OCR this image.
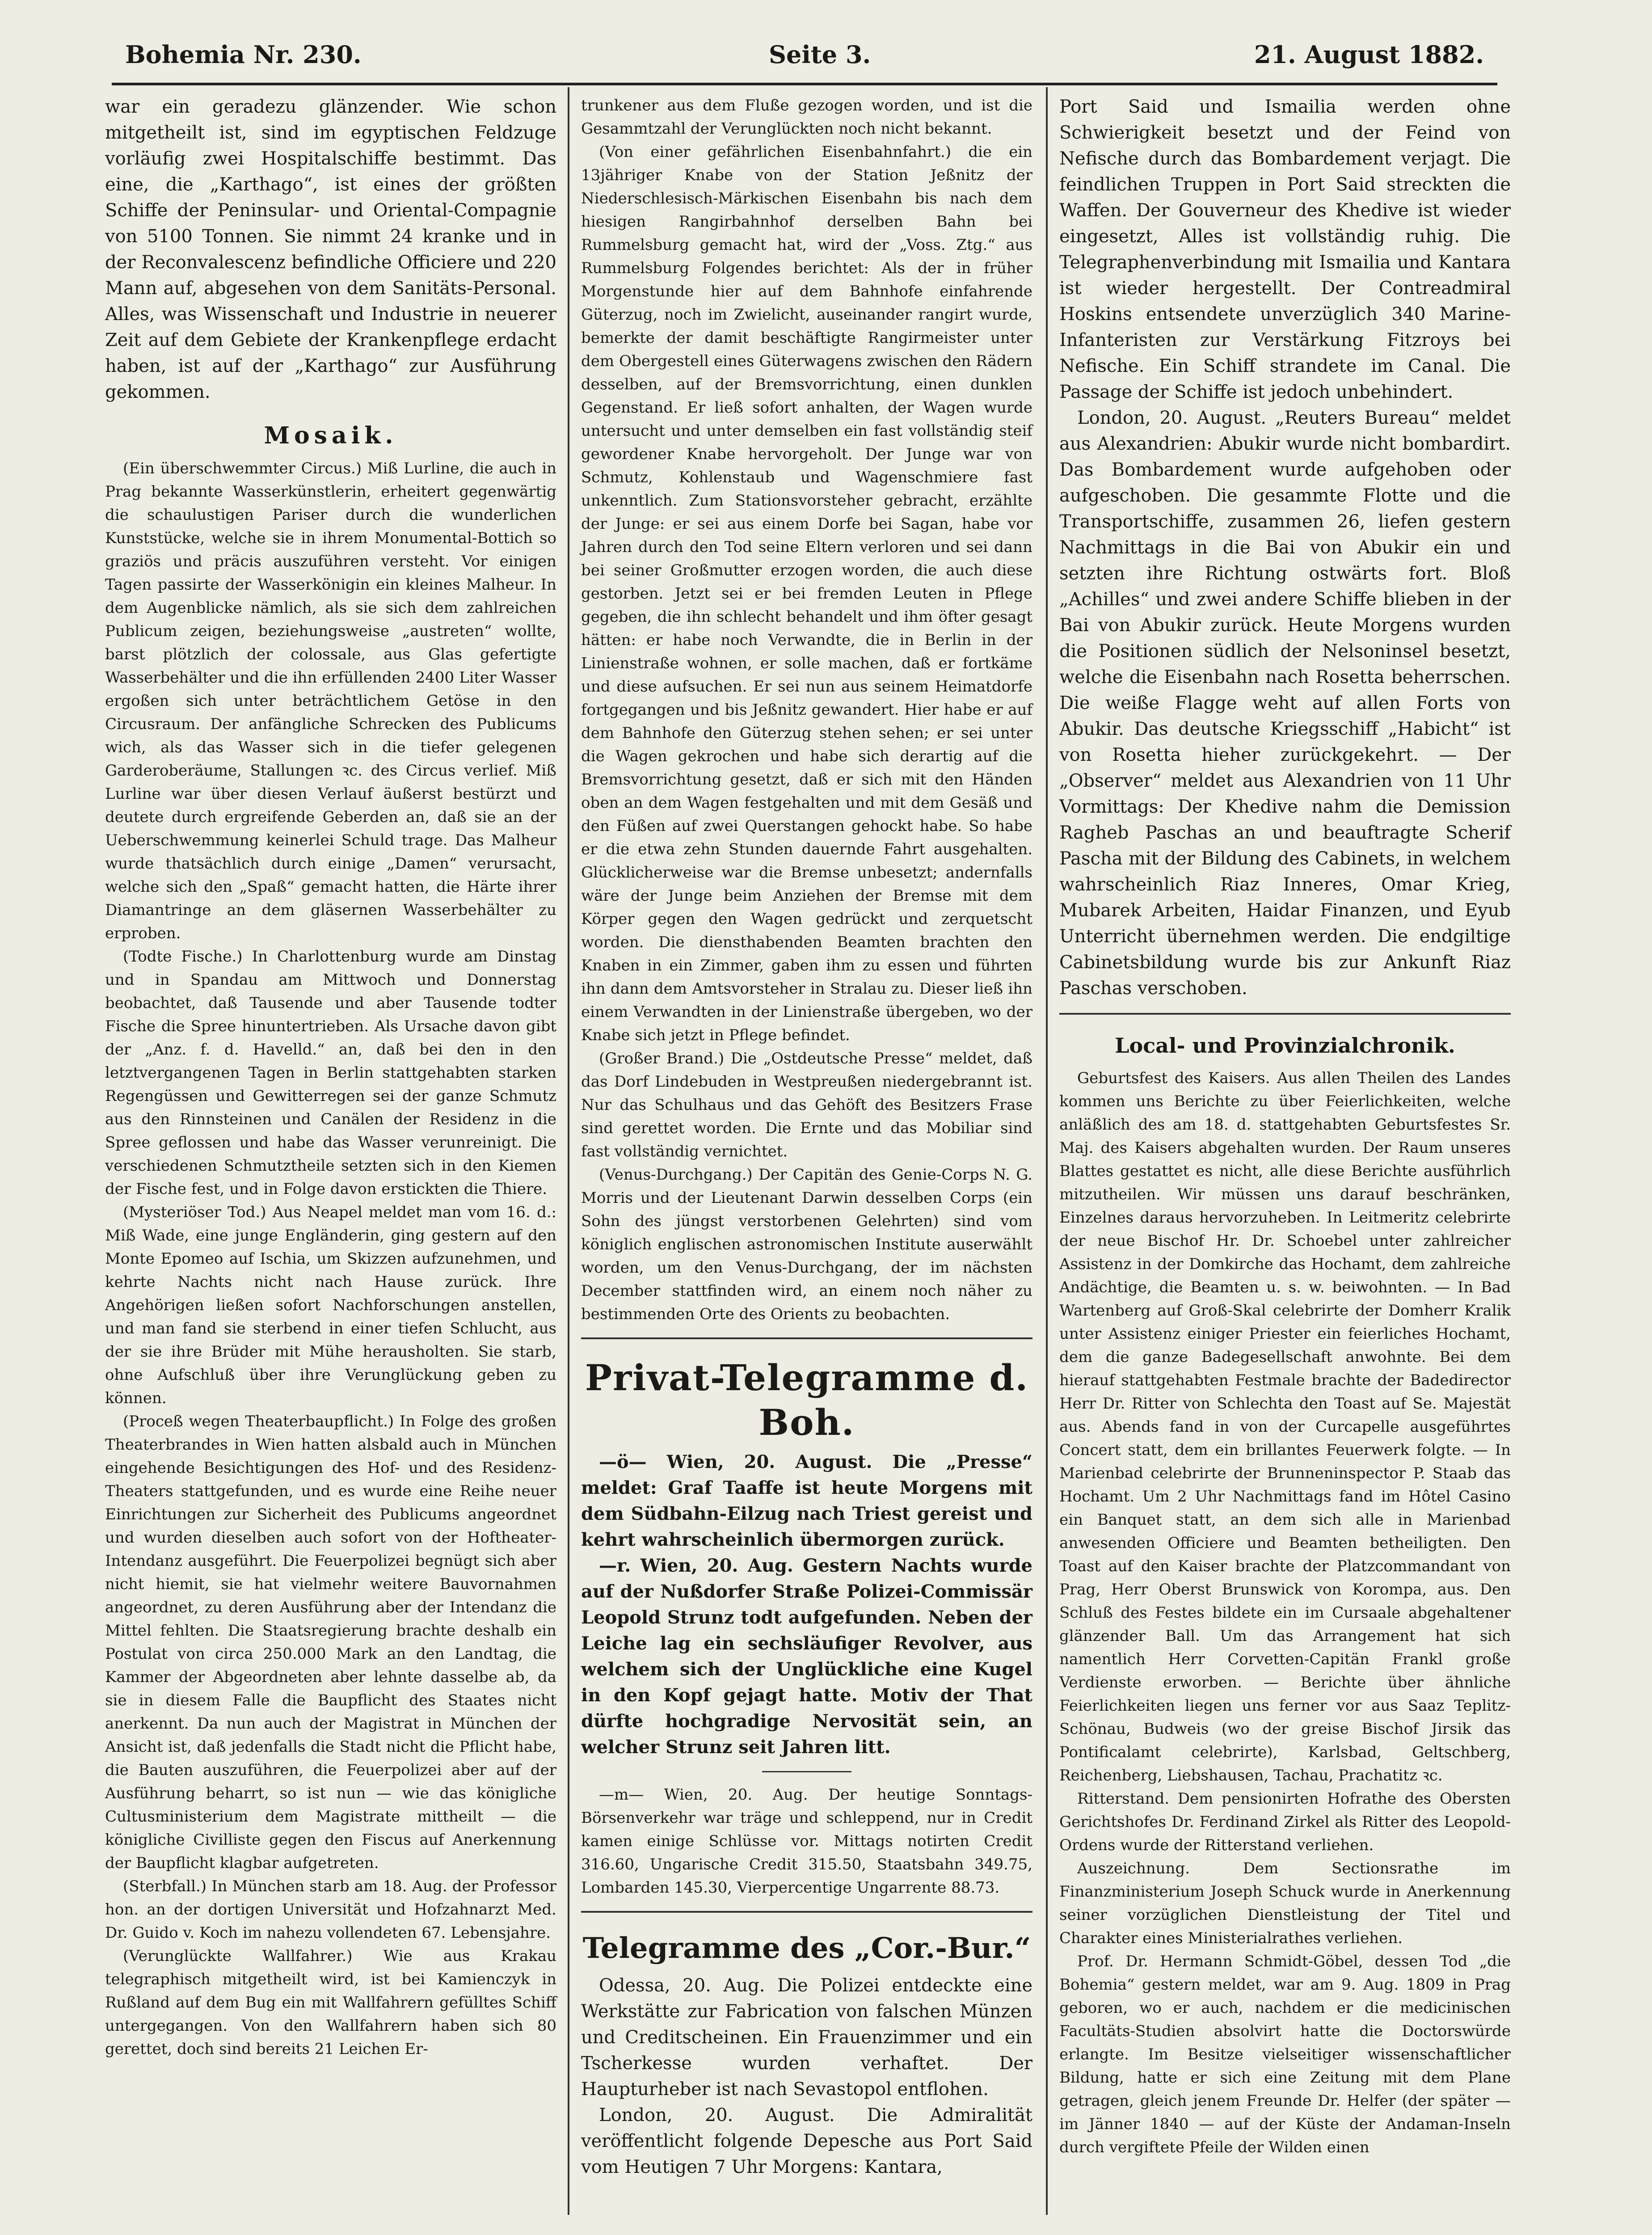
Bohemia Nr. 230.	Seite 3.	21. August 1882.

war ein geradezu glänzender. Wie schon mitgetheilt ist, sind im egyptischen Feldzuge vorläufig zwei Hospitalschiffe bestimmt. Das eine, die „Karthago“, ist eines der größten Schiffe der Peninsular- und Oriental-Compagnie von 5100 Tonnen. Sie nimmt 24 kranke und in der Reconvalescenz befindliche Officiere und 220 Mann auf, abgesehen von dem Sanitäts-Personal. Alles, was Wissenschaft und Industrie in neuerer Zeit auf dem Gebiete der Krankenpflege erdacht haben, ist auf der „Karthago“ zur Ausführung gekommen.

Mosaik.

(Ein überschwemmter Circus.) Miß Lurline, die auch in Prag bekannte Wasserkünstlerin, erheitert gegenwärtig die schaulustigen Pariser durch die wunderlichen Kunststücke, welche sie in ihrem Monumental-Bottich so graziös und präcis auszuführen versteht. Vor einigen Tagen passirte der Wasserkönigin ein kleines Malheur. In dem Augenblicke nämlich, als sie sich dem zahlreichen Publicum zeigen, beziehungsweise „austreten“ wollte, barst plötzlich der colossale, aus Glas gefertigte Wasserbehälter und die ihn erfüllenden 2400 Liter Wasser ergoßen sich unter beträchtlichem Getöse in den Circusraum. Der anfängliche Schrecken des Publicums wich, als das Wasser sich in die tiefer gelegenen Garderoberäume, Stallungen ꝛc. des Circus verlief. Miß Lurline war über diesen Verlauf äußerst bestürzt und deutete durch ergreifende Geberden an, daß sie an der Ueberschwemmung keinerlei Schuld trage. Das Malheur wurde thatsächlich durch einige „Damen“ verursacht, welche sich den „Spaß“ gemacht hatten, die Härte ihrer Diamantringe an dem gläsernen Wasserbehälter zu erproben.

(Todte Fische.) In Charlottenburg wurde am Dinstag und in Spandau am Mittwoch und Donnerstag beobachtet, daß Tausende und aber Tausende todter Fische die Spree hinuntertrieben. Als Ursache davon gibt der „Anz. f. d. Havelld.“ an, daß bei den in den letztvergangenen Tagen in Berlin stattgehabten starken Regengüssen und Gewitterregen sei der ganze Schmutz aus den Rinnsteinen und Canälen der Residenz in die Spree geflossen und habe das Wasser verunreinigt. Die verschiedenen Schmutztheile setzten sich in den Kiemen der Fische fest, und in Folge davon erstickten die Thiere.

(Mysteriöser Tod.) Aus Neapel meldet man vom 16. d.: Miß Wade, eine junge Engländerin, ging gestern auf den Monte Epomeo auf Ischia, um Skizzen aufzunehmen, und kehrte Nachts nicht nach Hause zurück. Ihre Angehörigen ließen sofort Nachforschungen anstellen, und man fand sie sterbend in einer tiefen Schlucht, aus der sie ihre Brüder mit Mühe herausholten. Sie starb, ohne Aufschluß über ihre Verunglückung geben zu können.

(Proceß wegen Theaterbaupflicht.) In Folge des großen Theaterbrandes in Wien hatten alsbald auch in München eingehende Besichtigungen des Hof- und des Residenz-Theaters stattgefunden, und es wurde eine Reihe neuer Einrichtungen zur Sicherheit des Publicums angeordnet und wurden dieselben auch sofort von der Hoftheater-Intendanz ausgeführt. Die Feuerpolizei begnügt sich aber nicht hiemit, sie hat vielmehr weitere Bauvornahmen angeordnet, zu deren Ausführung aber der Intendanz die Mittel fehlten. Die Staatsregierung brachte deshalb ein Postulat von circa 250.000 Mark an den Landtag, die Kammer der Abgeordneten aber lehnte dasselbe ab, da sie in diesem Falle die Baupflicht des Staates nicht anerkennt. Da nun auch der Magistrat in München der Ansicht ist, daß jedenfalls die Stadt nicht die Pflicht habe, die Bauten auszuführen, die Feuerpolizei aber auf der Ausführung beharrt, so ist nun — wie das königliche Cultusministerium dem Magistrate mittheilt — die königliche Civilliste gegen den Fiscus auf Anerkennung der Baupflicht klagbar aufgetreten.

(Sterbfall.) In München starb am 18. Aug. der Professor hon. an der dortigen Universität und Hofzahnarzt Med. Dr. Guido v. Koch im nahezu vollendeten 67. Lebensjahre.

(Verunglückte Wallfahrer.) Wie aus Krakau telegraphisch mitgetheilt wird, ist bei Kamienczyk in Rußland auf dem Bug ein mit Wallfahrern gefülltes Schiff untergegangen. Von den Wallfahrern haben sich 80 gerettet, doch sind bereits 21 Leichen Er-

trunkener aus dem Fluße gezogen worden, und ist die Gesammtzahl der Verunglückten noch nicht bekannt.

(Von einer gefährlichen Eisenbahnfahrt.) die ein 13jähriger Knabe von der Station Jeßnitz der Niederschlesisch-Märkischen Eisenbahn bis nach dem hiesigen Rangirbahnhof derselben Bahn bei Rummelsburg gemacht hat, wird der „Voss. Ztg.“ aus Rummelsburg Folgendes berichtet: Als der in früher Morgenstunde hier auf dem Bahnhofe einfahrende Güterzug, noch im Zwielicht, auseinander rangirt wurde, bemerkte der damit beschäftigte Rangirmeister unter dem Obergestell eines Güterwagens zwischen den Rädern desselben, auf der Bremsvorrichtung, einen dunklen Gegenstand. Er ließ sofort anhalten, der Wagen wurde untersucht und unter demselben ein fast vollständig steif gewordener Knabe hervorgeholt. Der Junge war von Schmutz, Kohlenstaub und Wagenschmiere fast unkenntlich. Zum Stationsvorsteher gebracht, erzählte der Junge: er sei aus einem Dorfe bei Sagan, habe vor Jahren durch den Tod seine Eltern verloren und sei dann bei seiner Großmutter erzogen worden, die auch diese gestorben. Jetzt sei er bei fremden Leuten in Pflege gegeben, die ihn schlecht behandelt und ihm öfter gesagt hätten: er habe noch Verwandte, die in Berlin in der Linienstraße wohnen, er solle machen, daß er fortkäme und diese aufsuchen. Er sei nun aus seinem Heimatdorfe fortgegangen und bis Jeßnitz gewandert. Hier habe er auf dem Bahnhofe den Güterzug stehen sehen; er sei unter die Wagen gekrochen und habe sich derartig auf die Bremsvorrichtung gesetzt, daß er sich mit den Händen oben an dem Wagen festgehalten und mit dem Gesäß und den Füßen auf zwei Querstangen gehockt habe. So habe er die etwa zehn Stunden dauernde Fahrt ausgehalten. Glücklicherweise war die Bremse unbesetzt; andernfalls wäre der Junge beim Anziehen der Bremse mit dem Körper gegen den Wagen gedrückt und zerquetscht worden. Die diensthabenden Beamten brachten den Knaben in ein Zimmer, gaben ihm zu essen und führten ihn dann dem Amtsvorsteher in Stralau zu. Dieser ließ ihn einem Verwandten in der Linienstraße übergeben, wo der Knabe sich jetzt in Pflege befindet.

(Großer Brand.) Die „Ostdeutsche Presse“ meldet, daß das Dorf Lindebuden in Westpreußen niedergebrannt ist. Nur das Schulhaus und das Gehöft des Besitzers Frase sind gerettet worden. Die Ernte und das Mobiliar sind fast vollständig vernichtet.

(Venus-Durchgang.) Der Capitän des Genie-Corps N. G. Morris und der Lieutenant Darwin desselben Corps (ein Sohn des jüngst verstorbenen Gelehrten) sind vom königlich englischen astronomischen Institute auserwählt worden, um den Venus-Durchgang, der im nächsten December stattfinden wird, an einem noch näher zu bestimmenden Orte des Orients zu beobachten.

Privat-Telegramme d. Boh.

—ö— Wien, 20. August. Die „Presse“ meldet: Graf Taaffe ist heute Morgens mit dem Südbahn-Eilzug nach Triest gereist und kehrt wahrscheinlich übermorgen zurück.

—r. Wien, 20. Aug. Gestern Nachts wurde auf der Nußdorfer Straße Polizei-Commissär Leopold Strunz todt aufgefunden. Neben der Leiche lag ein sechsläufiger Revolver, aus welchem sich der Unglückliche eine Kugel in den Kopf gejagt hatte. Motiv der That dürfte hochgradige Nervosität sein, an welcher Strunz seit Jahren litt.

—m— Wien, 20. Aug. Der heutige Sonntags-Börsenverkehr war träge und schleppend, nur in Credit kamen einige Schlüsse vor. Mittags notirten Credit 316.60, Ungarische Credit 315.50, Staatsbahn 349.75, Lombarden 145.30, Vierpercentige Ungarrente 88.73.

Telegramme des „Cor.-Bur.“

Odessa, 20. Aug. Die Polizei entdeckte eine Werkstätte zur Fabrication von falschen Münzen und Creditscheinen. Ein Frauenzimmer und ein Tscherkesse wurden verhaftet. Der Haupturheber ist nach Sevastopol entflohen.

London, 20. August. Die Admiralität veröffentlicht folgende Depesche aus Port Said vom Heutigen 7 Uhr Morgens: Kantara,

Port Said und Ismailia werden ohne Schwierigkeit besetzt und der Feind von Nefische durch das Bombardement verjagt. Die feindlichen Truppen in Port Said streckten die Waffen. Der Gouverneur des Khedive ist wieder eingesetzt, Alles ist vollständig ruhig. Die Telegraphenverbindung mit Ismailia und Kantara ist wieder hergestellt. Der Contreadmiral Hoskins entsendete unverzüglich 340 Marine-Infanteristen zur Verstärkung Fitzroys bei Nefische. Ein Schiff strandete im Canal. Die Passage der Schiffe ist jedoch unbehindert.

London, 20. August. „Reuters Bureau“ meldet aus Alexandrien: Abukir wurde nicht bombardirt. Das Bombardement wurde aufgehoben oder aufgeschoben. Die gesammte Flotte und die Transportschiffe, zusammen 26, liefen gestern Nachmittags in die Bai von Abukir ein und setzten ihre Richtung ostwärts fort. Bloß „Achilles“ und zwei andere Schiffe blieben in der Bai von Abukir zurück. Heute Morgens wurden die Positionen südlich der Nelsoninsel besetzt, welche die Eisenbahn nach Rosetta beherrschen. Die weiße Flagge weht auf allen Forts von Abukir. Das deutsche Kriegsschiff „Habicht“ ist von Rosetta hieher zurückgekehrt. — Der „Observer“ meldet aus Alexandrien von 11 Uhr Vormittags: Der Khedive nahm die Demission Ragheb Paschas an und beauftragte Scherif Pascha mit der Bildung des Cabinets, in welchem wahrscheinlich Riaz Inneres, Omar Krieg, Mubarek Arbeiten, Haidar Finanzen, und Eyub Unterricht übernehmen werden. Die endgiltige Cabinetsbildung wurde bis zur Ankunft Riaz Paschas verschoben.

Local- und Provinzialchronik.

Geburtsfest des Kaisers. Aus allen Theilen des Landes kommen uns Berichte zu über Feierlichkeiten, welche anläßlich des am 18. d. stattgehabten Geburtsfestes Sr. Maj. des Kaisers abgehalten wurden. Der Raum unseres Blattes gestattet es nicht, alle diese Berichte ausführlich mitzutheilen. Wir müssen uns darauf beschränken, Einzelnes daraus hervorzuheben. In Leitmeritz celebrirte der neue Bischof Hr. Dr. Schoebel unter zahlreicher Assistenz in der Domkirche das Hochamt, dem zahlreiche Andächtige, die Beamten u. s. w. beiwohnten. — In Bad Wartenberg auf Groß-Skal celebrirte der Domherr Kralik unter Assistenz einiger Priester ein feierliches Hochamt, dem die ganze Badegesellschaft anwohnte. Bei dem hierauf stattgehabten Festmale brachte der Badedirector Herr Dr. Ritter von Schlechta den Toast auf Se. Majestät aus. Abends fand in von der Curcapelle ausgeführtes Concert statt, dem ein brillantes Feuerwerk folgte. — In Marienbad celebrirte der Brunneninspector P. Staab das Hochamt. Um 2 Uhr Nachmittags fand im Hôtel Casino ein Banquet statt, an dem sich alle in Marienbad anwesenden Officiere und Beamten betheiligten. Den Toast auf den Kaiser brachte der Platzcommandant von Prag, Herr Oberst Brunswick von Korompa, aus. Den Schluß des Festes bildete ein im Cursaale abgehaltener glänzender Ball. Um das Arrangement hat sich namentlich Herr Corvetten-Capitän Frankl große Verdienste erworben. — Berichte über ähnliche Feierlichkeiten liegen uns ferner vor aus Saaz Teplitz-Schönau, Budweis (wo der greise Bischof Jirsik das Pontificalamt celebrirte), Karlsbad, Geltschberg, Reichenberg, Liebshausen, Tachau, Prachatitz ꝛc.

Ritterstand. Dem pensionirten Hofrathe des Obersten Gerichtshofes Dr. Ferdinand Zirkel als Ritter des Leopold-Ordens wurde der Ritterstand verliehen.

Auszeichnung. Dem Sectionsrathe im Finanzministerium Joseph Schuck wurde in Anerkennung seiner vorzüglichen Dienstleistung der Titel und Charakter eines Ministerialrathes verliehen.

Prof. Dr. Hermann Schmidt-Göbel, dessen Tod „die Bohemia“ gestern meldet, war am 9. Aug. 1809 in Prag geboren, wo er auch, nachdem er die medicinischen Facultäts-Studien absolvirt hatte die Doctorswürde erlangte. Im Besitze vielseitiger wissenschaftlicher Bildung, hatte er sich eine Zeitung mit dem Plane getragen, gleich jenem Freunde Dr. Helfer (der später — im Jänner 1840 — auf der Küste der Andaman-Inseln durch vergiftete Pfeile der Wilden einen
